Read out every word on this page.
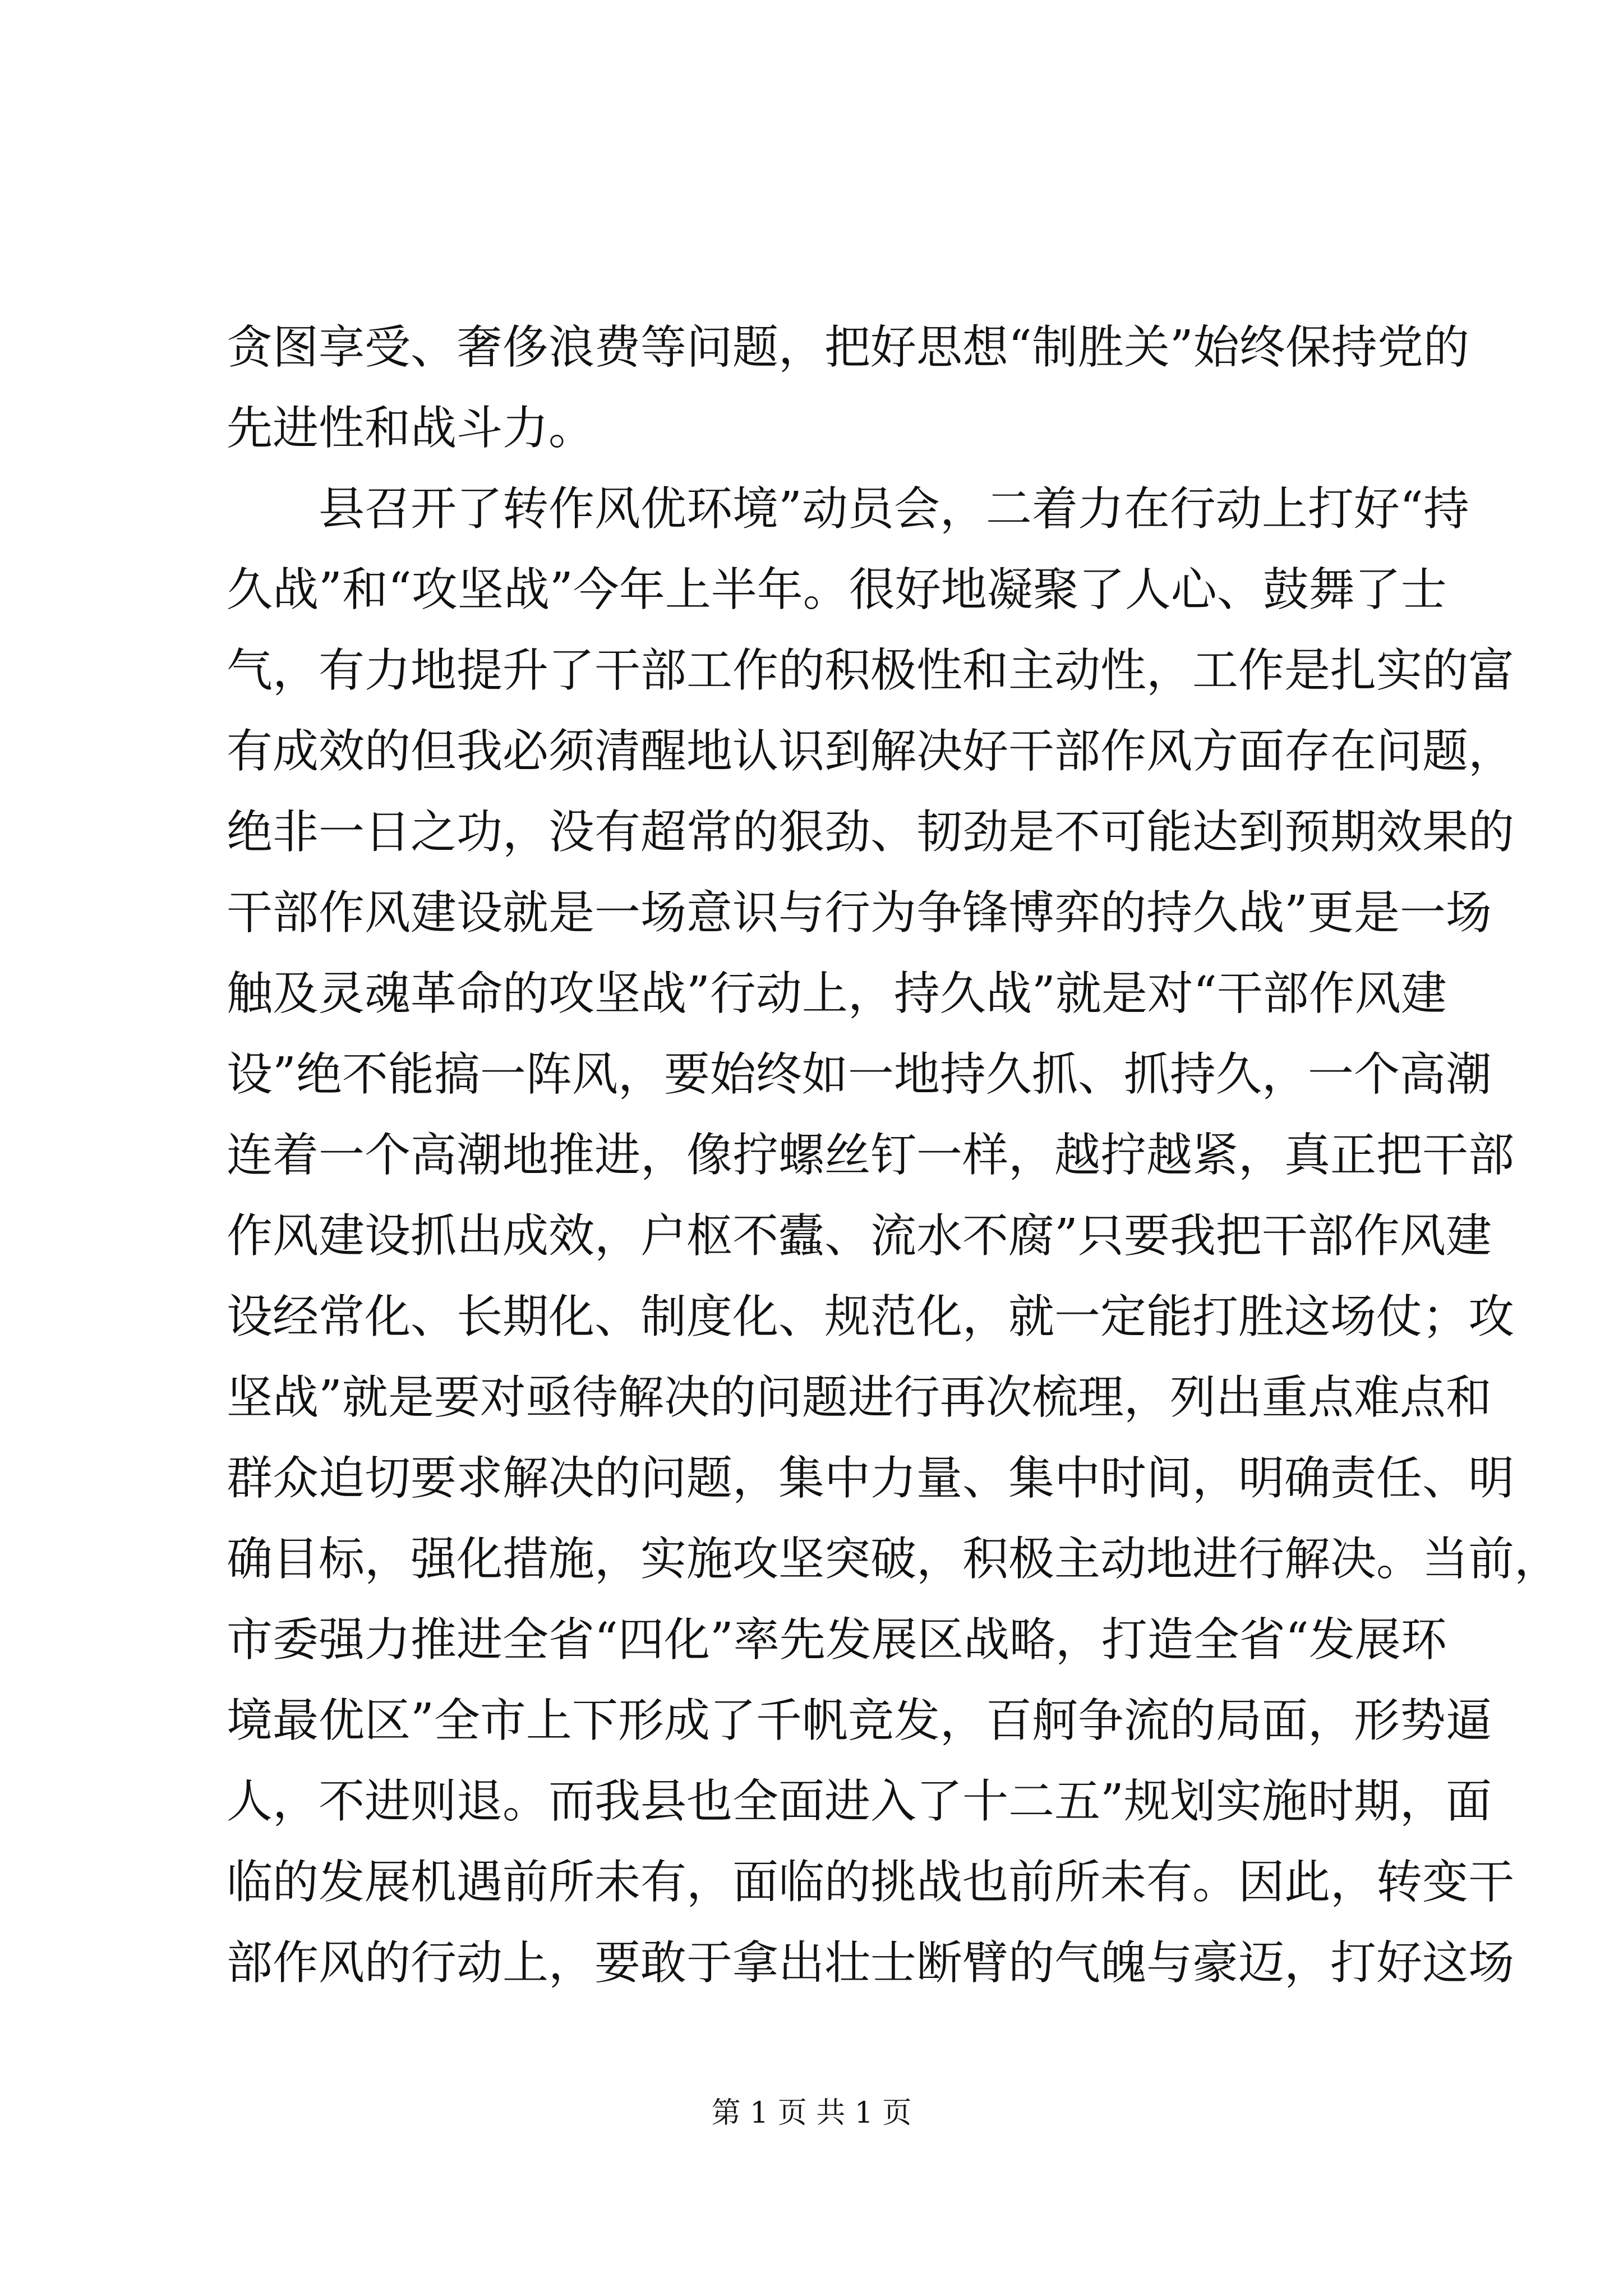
贪图享受、奢侈浪费等问题，把好思想“制胜关”始终保持党的
先进性和战斗力。
县召开了转作风优环境”动员会，二着力在行动上打好“持
久战”和“攻坚战”今年上半年。很好地凝聚了人心、鼓舞了士
气，有力地提升了干部工作的积极性和主动性，工作是扎实的富
有成效的但我必须清醒地认识到解决好干部作风方面存在问题，
绝非一日之功，没有超常的狠劲、韧劲是不可能达到预期效果的
干部作风建设就是一场意识与行为争锋博弈的持久战”更是一场
触及灵魂革命的攻坚战”行动上，持久战”就是对“干部作风建
设”绝不能搞一阵风，要始终如一地持久抓、抓持久，一个高潮
连着一个高潮地推进，像拧螺丝钉一样，越拧越紧，真正把干部
作风建设抓出成效，户枢不蠹、流水不腐”只要我把干部作风建
设经常化、长期化、制度化、规范化，就一定能打胜这场仗；攻
坚战”就是要对亟待解决的问题进行再次梳理，列出重点难点和
群众迫切要求解决的问题，集中力量、集中时间，明确责任、明
确目标，强化措施，实施攻坚突破，积极主动地进行解决。当前，
市委强力推进全省“四化”率先发展区战略，打造全省“发展环
境最优区”全市上下形成了千帆竞发，百舸争流的局面，形势逼
人，不进则退。而我县也全面进入了十二五”规划实施时期，面
临的发展机遇前所未有，面临的挑战也前所未有。因此，转变干
部作风的行动上，要敢于拿出壮士断臂的气魄与豪迈，打好这场
第 1 页 共 1 页
